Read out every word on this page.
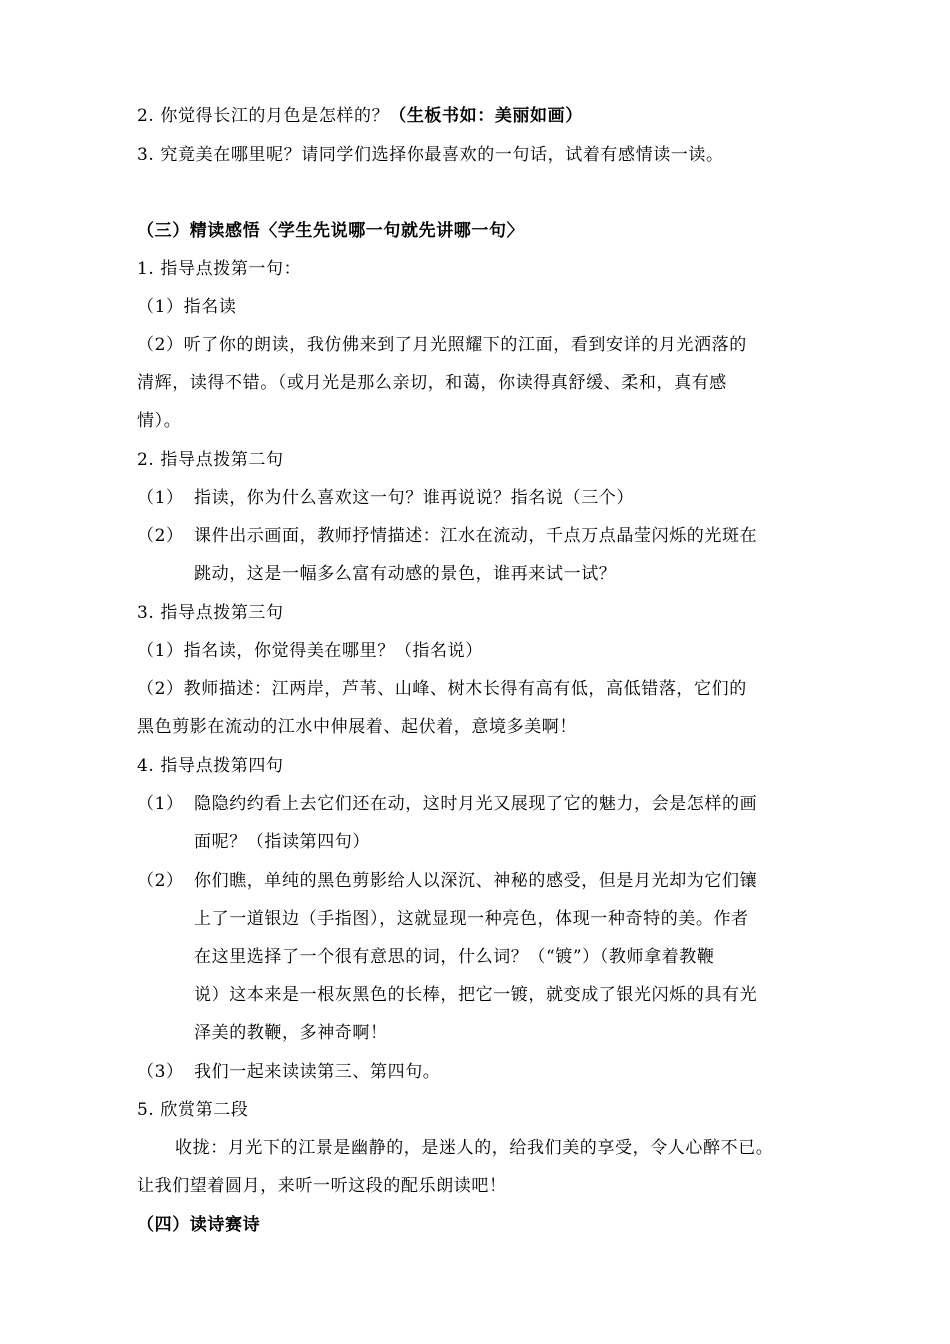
2. 你觉得长江的月色是怎样的？（生板书如：美丽如画）
3. 究竟美在哪里呢？请同学们选择你最喜欢的一句话，试着有感情读一读。
（三）精读感悟〈学生先说哪一句就先讲哪一句〉
1. 指导点拨第一句：
（1）指名读
（2）听了你的朗读，我仿佛来到了月光照耀下的江面，看到安详的月光洒落的
清辉，读得不错。（或月光是那么亲切，和蔼，你读得真舒缓、柔和，真有感
情）。
2. 指导点拨第二句
（1） 指读，你为什么喜欢这一句？谁再说说？指名说（三个）
（2） 课件出示画面，教师抒情描述：江水在流动，千点万点晶莹闪烁的光斑在
跳动，这是一幅多么富有动感的景色，谁再来试一试？
3. 指导点拨第三句
（1）指名读，你觉得美在哪里？（指名说）
（2）教师描述：江两岸，芦苇、山峰、树木长得有高有低，高低错落，它们的
黑色剪影在流动的江水中伸展着、起伏着，意境多美啊！
4. 指导点拨第四句
（1） 隐隐约约看上去它们还在动，这时月光又展现了它的魅力，会是怎样的画
面呢？（指读第四句）
（2） 你们瞧，单纯的黑色剪影给人以深沉、神秘的感受，但是月光却为它们镶
上了一道银边（手指图），这就显现一种亮色，体现一种奇特的美。作者
在这里选择了一个很有意思的词，什么词？（“镀”）（教师拿着教鞭
说）这本来是一根灰黑色的长棒，把它一镀，就变成了银光闪烁的具有光
泽美的教鞭，多神奇啊！
（3） 我们一起来读读第三、第四句。
5. 欣赏第二段
收拢：月光下的江景是幽静的，是迷人的，给我们美的享受，令人心醉不已。
让我们望着圆月，来听一听这段的配乐朗读吧！
（四）读诗赛诗
